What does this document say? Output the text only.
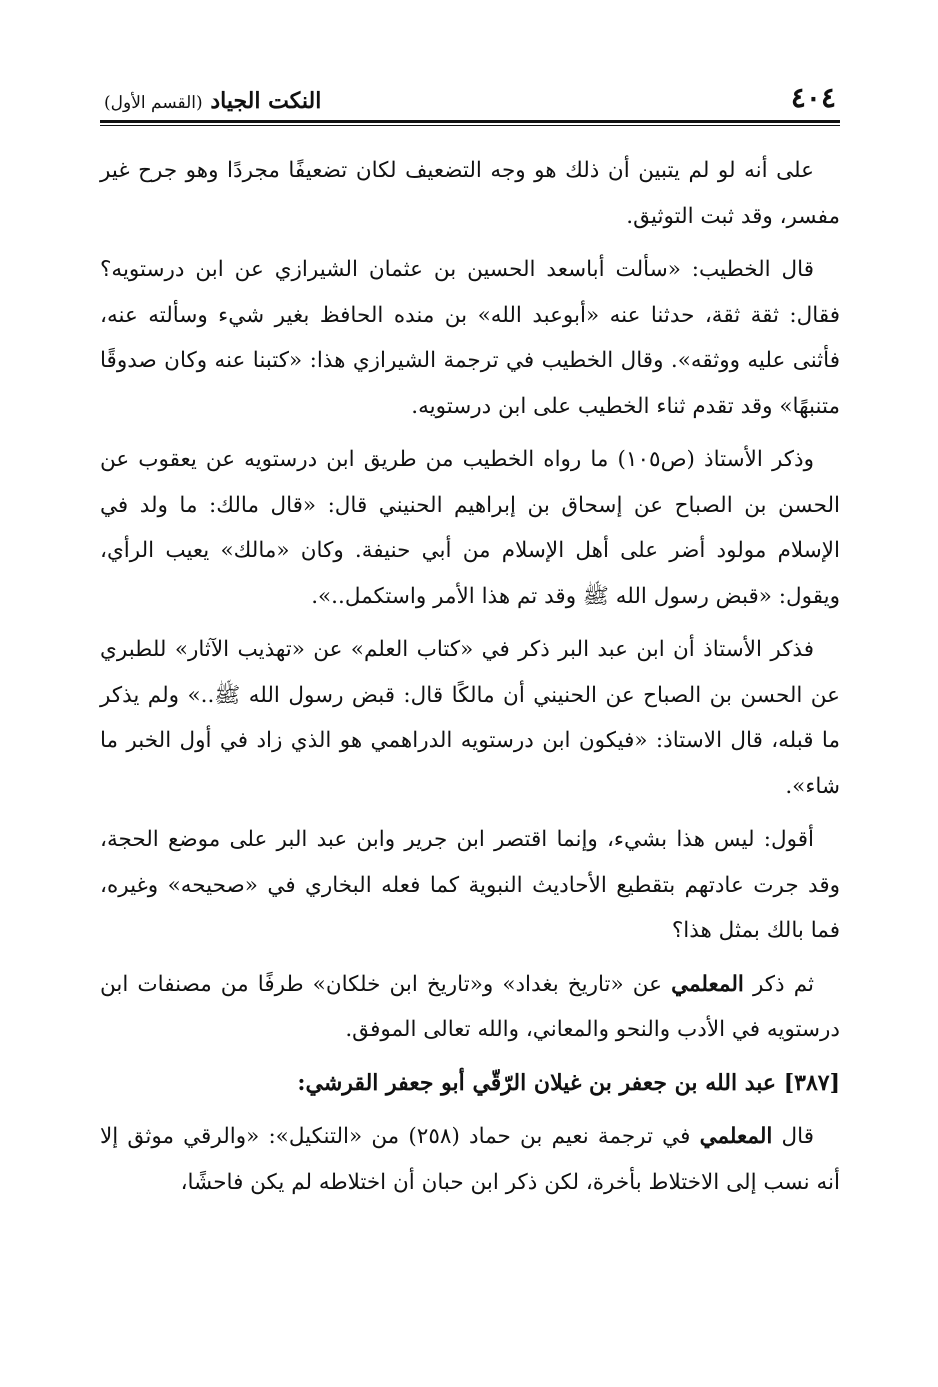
٤٠٤
النكت الجياد (القسم الأول)

على أنه لو لم يتبين أن ذلك هو وجه التضعيف لكان تضعيفًا مجردًا وهو جرح غير مفسر، وقد ثبت التوثيق.

قال الخطيب: «سألت أباسعد الحسين بن عثمان الشيرازي عن ابن درستويه؟ فقال: ثقة ثقة، حدثنا عنه «أبوعبد الله» بن منده الحافظ بغير شيء وسألته عنه، فأثنى عليه ووثقه». وقال الخطيب في ترجمة الشيرازي هذا: «كتبنا عنه وكان صدوقًا متنبهًا» وقد تقدم ثناء الخطيب على ابن درستويه.

وذكر الأستاذ (ص١٠٥) ما رواه الخطيب من طريق ابن درستويه عن يعقوب عن الحسن بن الصباح عن إسحاق بن إبراهيم الحنيني قال: «قال مالك: ما ولد في الإسلام مولود أضر على أهل الإسلام من أبي حنيفة. وكان «مالك» يعيب الرأي، ويقول: «قبض رسول الله ﷺ وقد تم هذا الأمر واستكمل..».

فذكر الأستاذ أن ابن عبد البر ذكر في «كتاب العلم» عن «تهذيب الآثار» للطبري عن الحسن بن الصباح عن الحنيني أن مالكًا قال: قبض رسول الله ﷺ..» ولم يذكر ما قبله، قال الاستاذ: «فيكون ابن درستويه الدراهمي هو الذي زاد في أول الخبر ما شاء».

أقول: ليس هذا بشيء، وإنما اقتصر ابن جرير وابن عبد البر على موضع الحجة، وقد جرت عادتهم بتقطيع الأحاديث النبوية كما فعله البخاري في «صحيحه» وغيره، فما بالك بمثل هذا؟

ثم ذكر المعلمي عن «تاريخ بغداد» و«تاريخ ابن خلكان» طرفًا من مصنفات ابن درستويه في الأدب والنحو والمعاني، والله تعالى الموفق.

[٣٨٧] عبد الله بن جعفر بن غيلان الرّقّي أبو جعفر القرشي:

قال المعلمي في ترجمة نعيم بن حماد (٢٥٨) من «التنكيل»: «والرقي موثق إلا أنه نسب إلى الاختلاط بأخرة، لكن ذكر ابن حبان أن اختلاطه لم يكن فاحشًا،
